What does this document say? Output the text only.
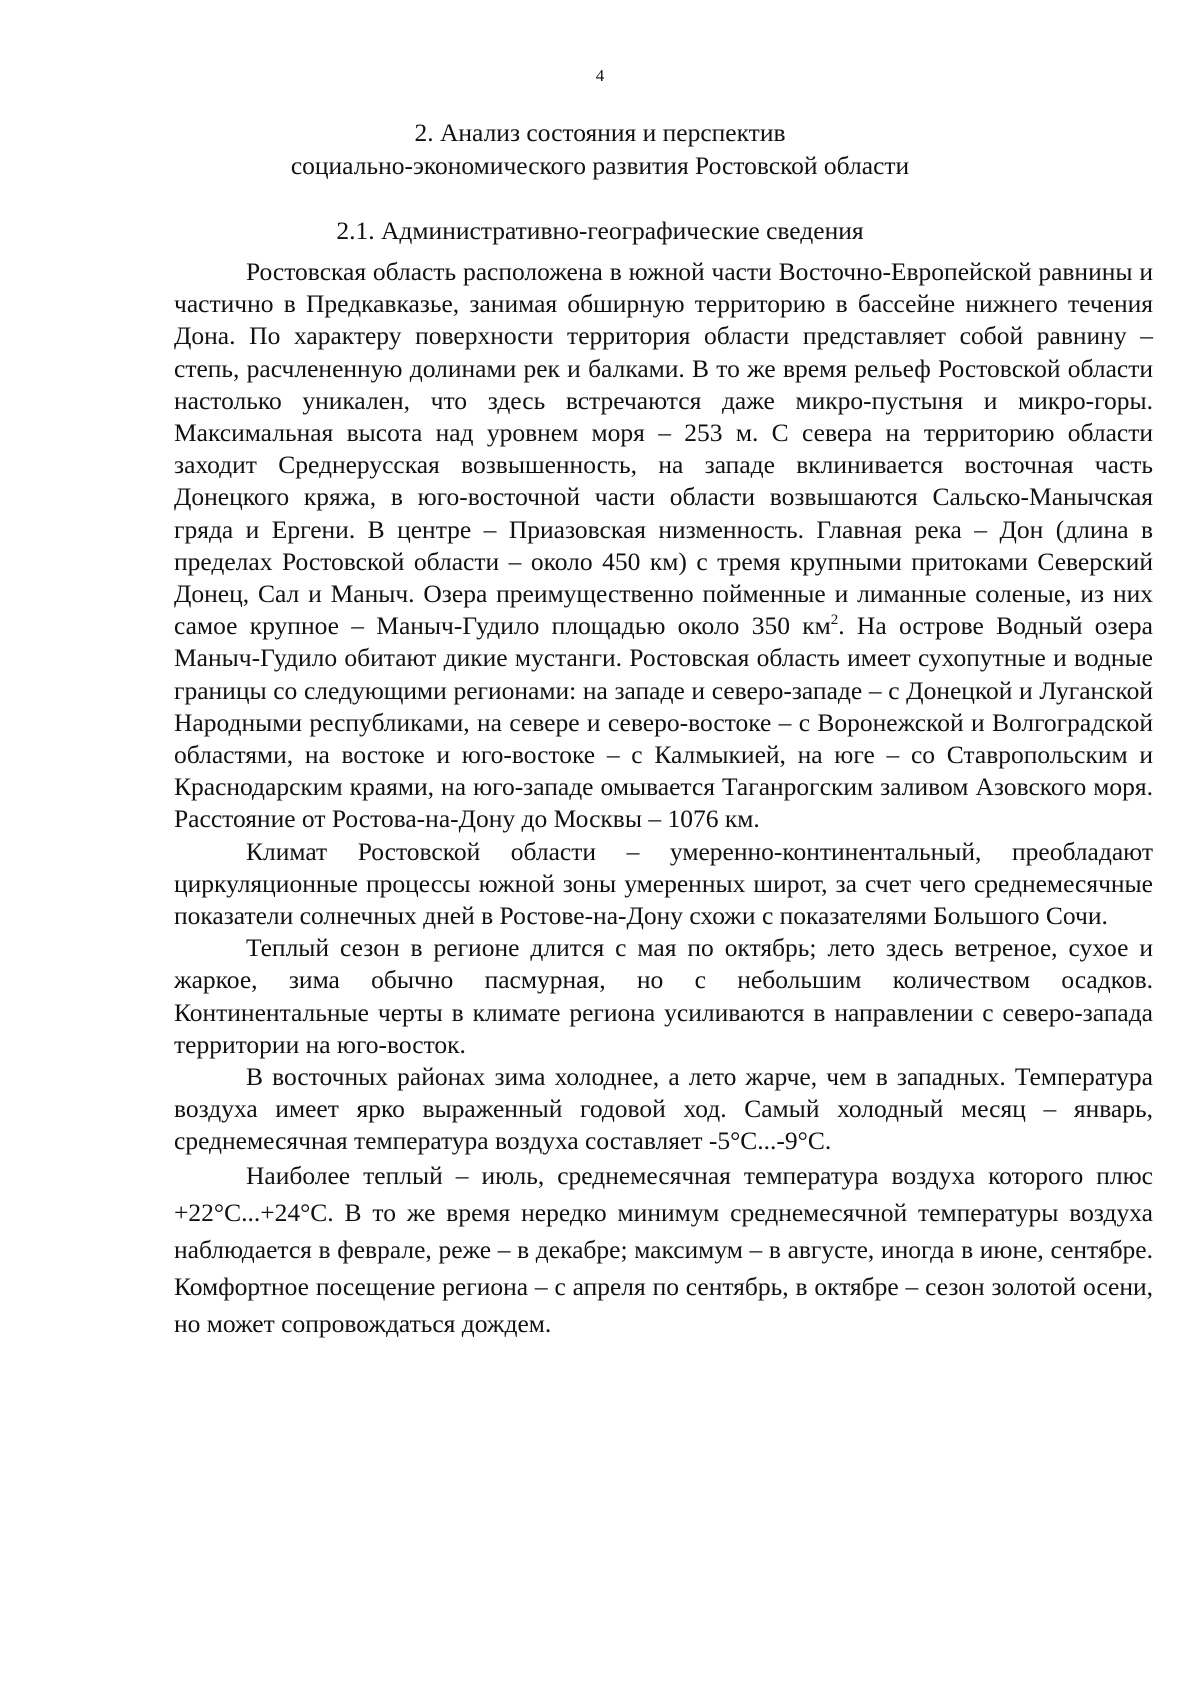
4
2. Анализ состояния и перспектив
социально-экономического развития Ростовской области
2.1. Административно-географические сведения

Ростовская область расположена в южной части Восточно-Европейской равнины и частично в Предкавказье, занимая обширную территорию в бассейне нижнего течения Дона. По характеру поверхности территория области представляет собой равнину – степь, расчлененную долинами рек и балками. В то же время рельеф Ростовской области настолько уникален, что здесь встречаются даже микро-пустыня и микро-горы. Максимальная высота над уровнем моря – 253 м. С севера на территорию области заходит Среднерусская возвышенность, на западе вклинивается восточная часть Донецкого кряжа, в юго-восточной части области возвышаются Сальско-Манычская гряда и Ергени. В центре – Приазовская низменность. Главная река – Дон (длина в пределах Ростовской области – около 450 км) с тремя крупными притоками Северский Донец, Сал и Маныч. Озера преимущественно пойменные и лиманные соленые, из них самое крупное – Маныч-Гудило площадью около 350 $км^2$. На острове Водный озера Маныч-Гудило обитают дикие мустанги. Ростовская область имеет сухопутные и водные границы со следующими регионами: на западе и северо-западе – с Донецкой и Луганской Народными республиками, на севере и северо-востоке – с Воронежской и Волгоградской областями, на востоке и юго-востоке – с Калмыкией, на юге – со Ставропольским и Краснодарским краями, на юго-западе омывается Таганрогским заливом Азовского моря. Расстояние от Ростова-на-Дону до Москвы – 1076 км.

Климат Ростовской области – умеренно-континентальный, преобладают циркуляционные процессы южной зоны умеренных широт, за счет чего среднемесячные показатели солнечных дней в Ростове-на-Дону схожи с показателями Большого Сочи.

Теплый сезон в регионе длится с мая по октябрь; лето здесь ветреное, сухое и жаркое, зима обычно пасмурная, но с небольшим количеством осадков. Континентальные черты в климате региона усиливаются в направлении с северо-запада территории на юго-восток.

В восточных районах зима холоднее, а лето жарче, чем в западных. Температура воздуха имеет ярко выраженный годовой ход. Самый холодный месяц – январь, среднемесячная температура воздуха составляет -5°С...-9°С.

Наиболее теплый – июль, среднемесячная температура воздуха которого плюс +22°С...+24°С. В то же время нередко минимум среднемесячной температуры воздуха наблюдается в феврале, реже – в декабре; максимум – в августе, иногда в июне, сентябре. Комфортное посещение региона – с апреля по сентябрь, в октябре – сезон золотой осени, но может сопровождаться дождем.
